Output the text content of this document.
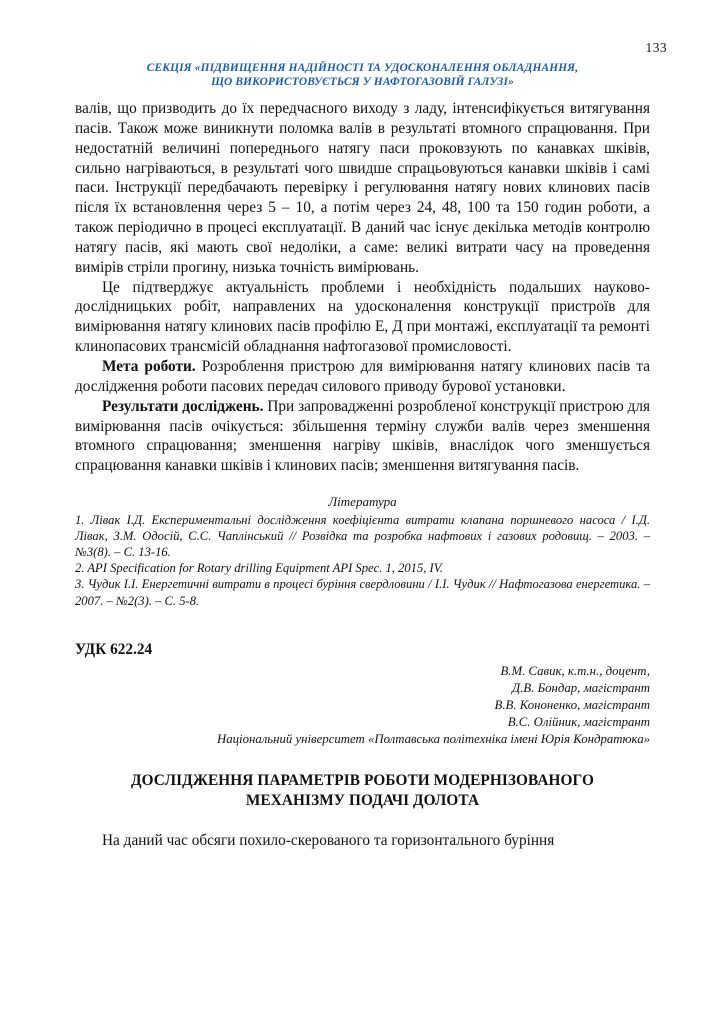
133
СЕКЦІЯ «ПІДВИЩЕННЯ НАДІЙНОСТІ ТА УДОСКОНАЛЕННЯ ОБЛАДНАННЯ,
ЩО ВИКОРИСТОВУЄТЬСЯ У НАФТОГАЗОВІЙ ГАЛУЗІ»

валів, що призводить до їх передчасного виходу з ладу, інтенсифікується витягування пасів. Також може виникнути поломка валів в результаті втомного спрацювання. При недостатній величині попереднього натягу паси проковзують по канавках шківів, сильно нагріваються, в результаті чого швидше спрацьовуються канавки шківів і самі паси. Інструкції передбачають перевірку і регулювання натягу нових клинових пасів після їх встановлення через 5 – 10, а потім через 24, 48, 100 та 150 годин роботи, а також періодично в процесі експлуатації. В даний час існує декілька методів контролю натягу пасів, які мають свої недоліки, а саме: великі витрати часу на проведення вимірів стріли прогину, низька точність вимірювань.

Це підтверджує актуальність проблеми і необхідність подальших науково-дослідницьких робіт, направлених на удосконалення конструкції пристроїв для вимірювання натягу клинових пасів профілю Е, Д при монтажі, експлуатації та ремонті клинопасових трансмісій обладнання нафтогазової промисловості.

Мета роботи. Розроблення пристрою для вимірювання натягу клинових пасів та дослідження роботи пасових передач силового приводу бурової установки.

Результати досліджень. При запровадженні розробленої конструкції пристрою для вимірювання пасів очікується: збільшення терміну служби валів через зменшення втомного спрацювання; зменшення нагріву шківів, внаслідок чого зменшується спрацювання канавки шківів і клинових пасів; зменшення витягування пасів.

Література

1. Лівак І.Д. Експериментальні дослідження коефіцієнта витрати клапана поршневого насоса / І.Д. Лівак, З.М. Одосій, С.С. Чаплінський // Розвідка та розробка нафтових і газових родовищ. – 2003. – №3(8). – С. 13-16.

2. API Specification for Rotary drilling Equipment API Spec. 1, 2015, IV.

3. Чудик І.І. Енергетичні витрати в процесі буріння свердловини / І.І. Чудик // Нафтогазова енергетика. – 2007. – №2(3). – С. 5-8.

УДК 622.24

В.М. Савик, к.т.н., доцент,
Д.В. Бондар, магістрант
В.В. Кононенко, магістрант
В.С. Олійник, магістрант

Національний університет «Полтавська політехніка імені Юрія Кондратюка»

ДОСЛІДЖЕННЯ ПАРАМЕТРІВ РОБОТИ МОДЕРНІЗОВАНОГО
МЕХАНІЗМУ ПОДАЧІ ДОЛОТА

На даний час обсяги похило-скерованого та горизонтального буріння
